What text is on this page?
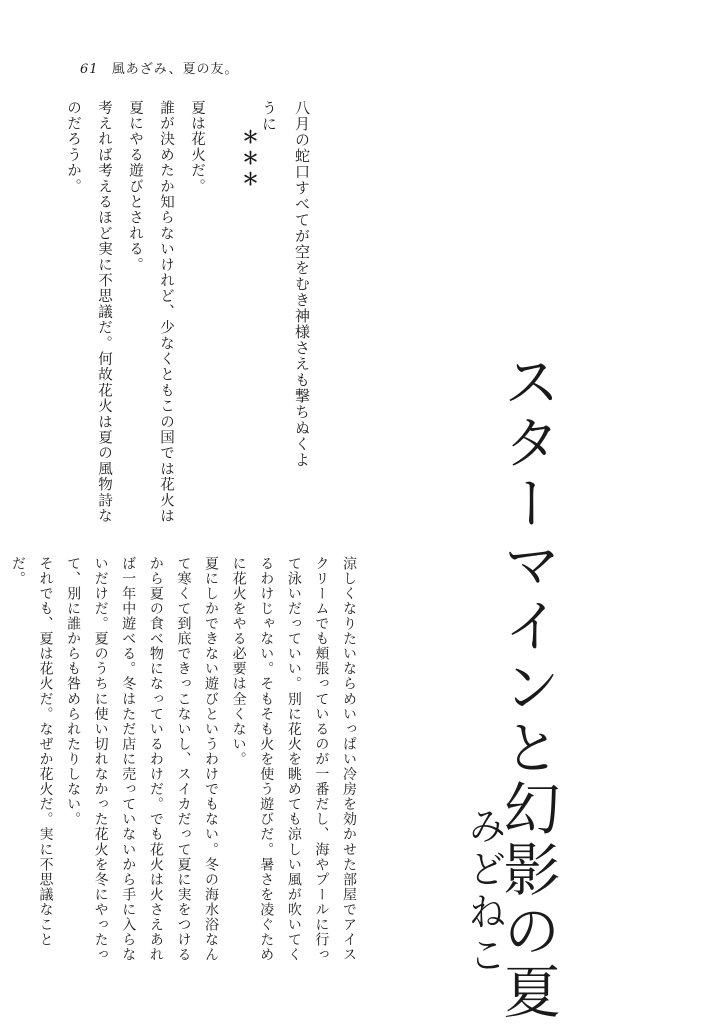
61 風あざみ、夏の友。

八月の蛇口すべてが空をむき神様さえも撃ちぬくように

＊＊＊

夏は花火だ。

誰が決めたか知らないけれど、少なくともこの国では花火は夏にやる遊びとされる。

考えれば考えるほど実に不思議だ。何故花火は夏の風物詩なのだろうか。

スターマインと幻影の夏
みどねこ

涼しくなりたいならめいっぱい冷房を効かせた部屋でアイスクリームでも頬張っているのが一番だし、海やプールに行って泳いだっていい。別に花火を眺めても涼しい風が吹いてくるわけじゃない。そもそも火を使う遊びだ。暑さを凌ぐために花火をやる必要は全くない。

夏にしかできない遊びというわけでもない。冬の海水浴なんて寒くて到底できっこないし、スイカだって夏に実をつけるから夏の食べ物になっているわけだ。でも花火は火さえあれば一年中遊べる。冬はただ店に売っていないから手に入らないだけだ。夏のうちに使い切れなかった花火を冬にやったって、別に誰からも咎められたりしない。

それでも、夏は花火だ。なぜか花火だ。実に不思議なことだ。
